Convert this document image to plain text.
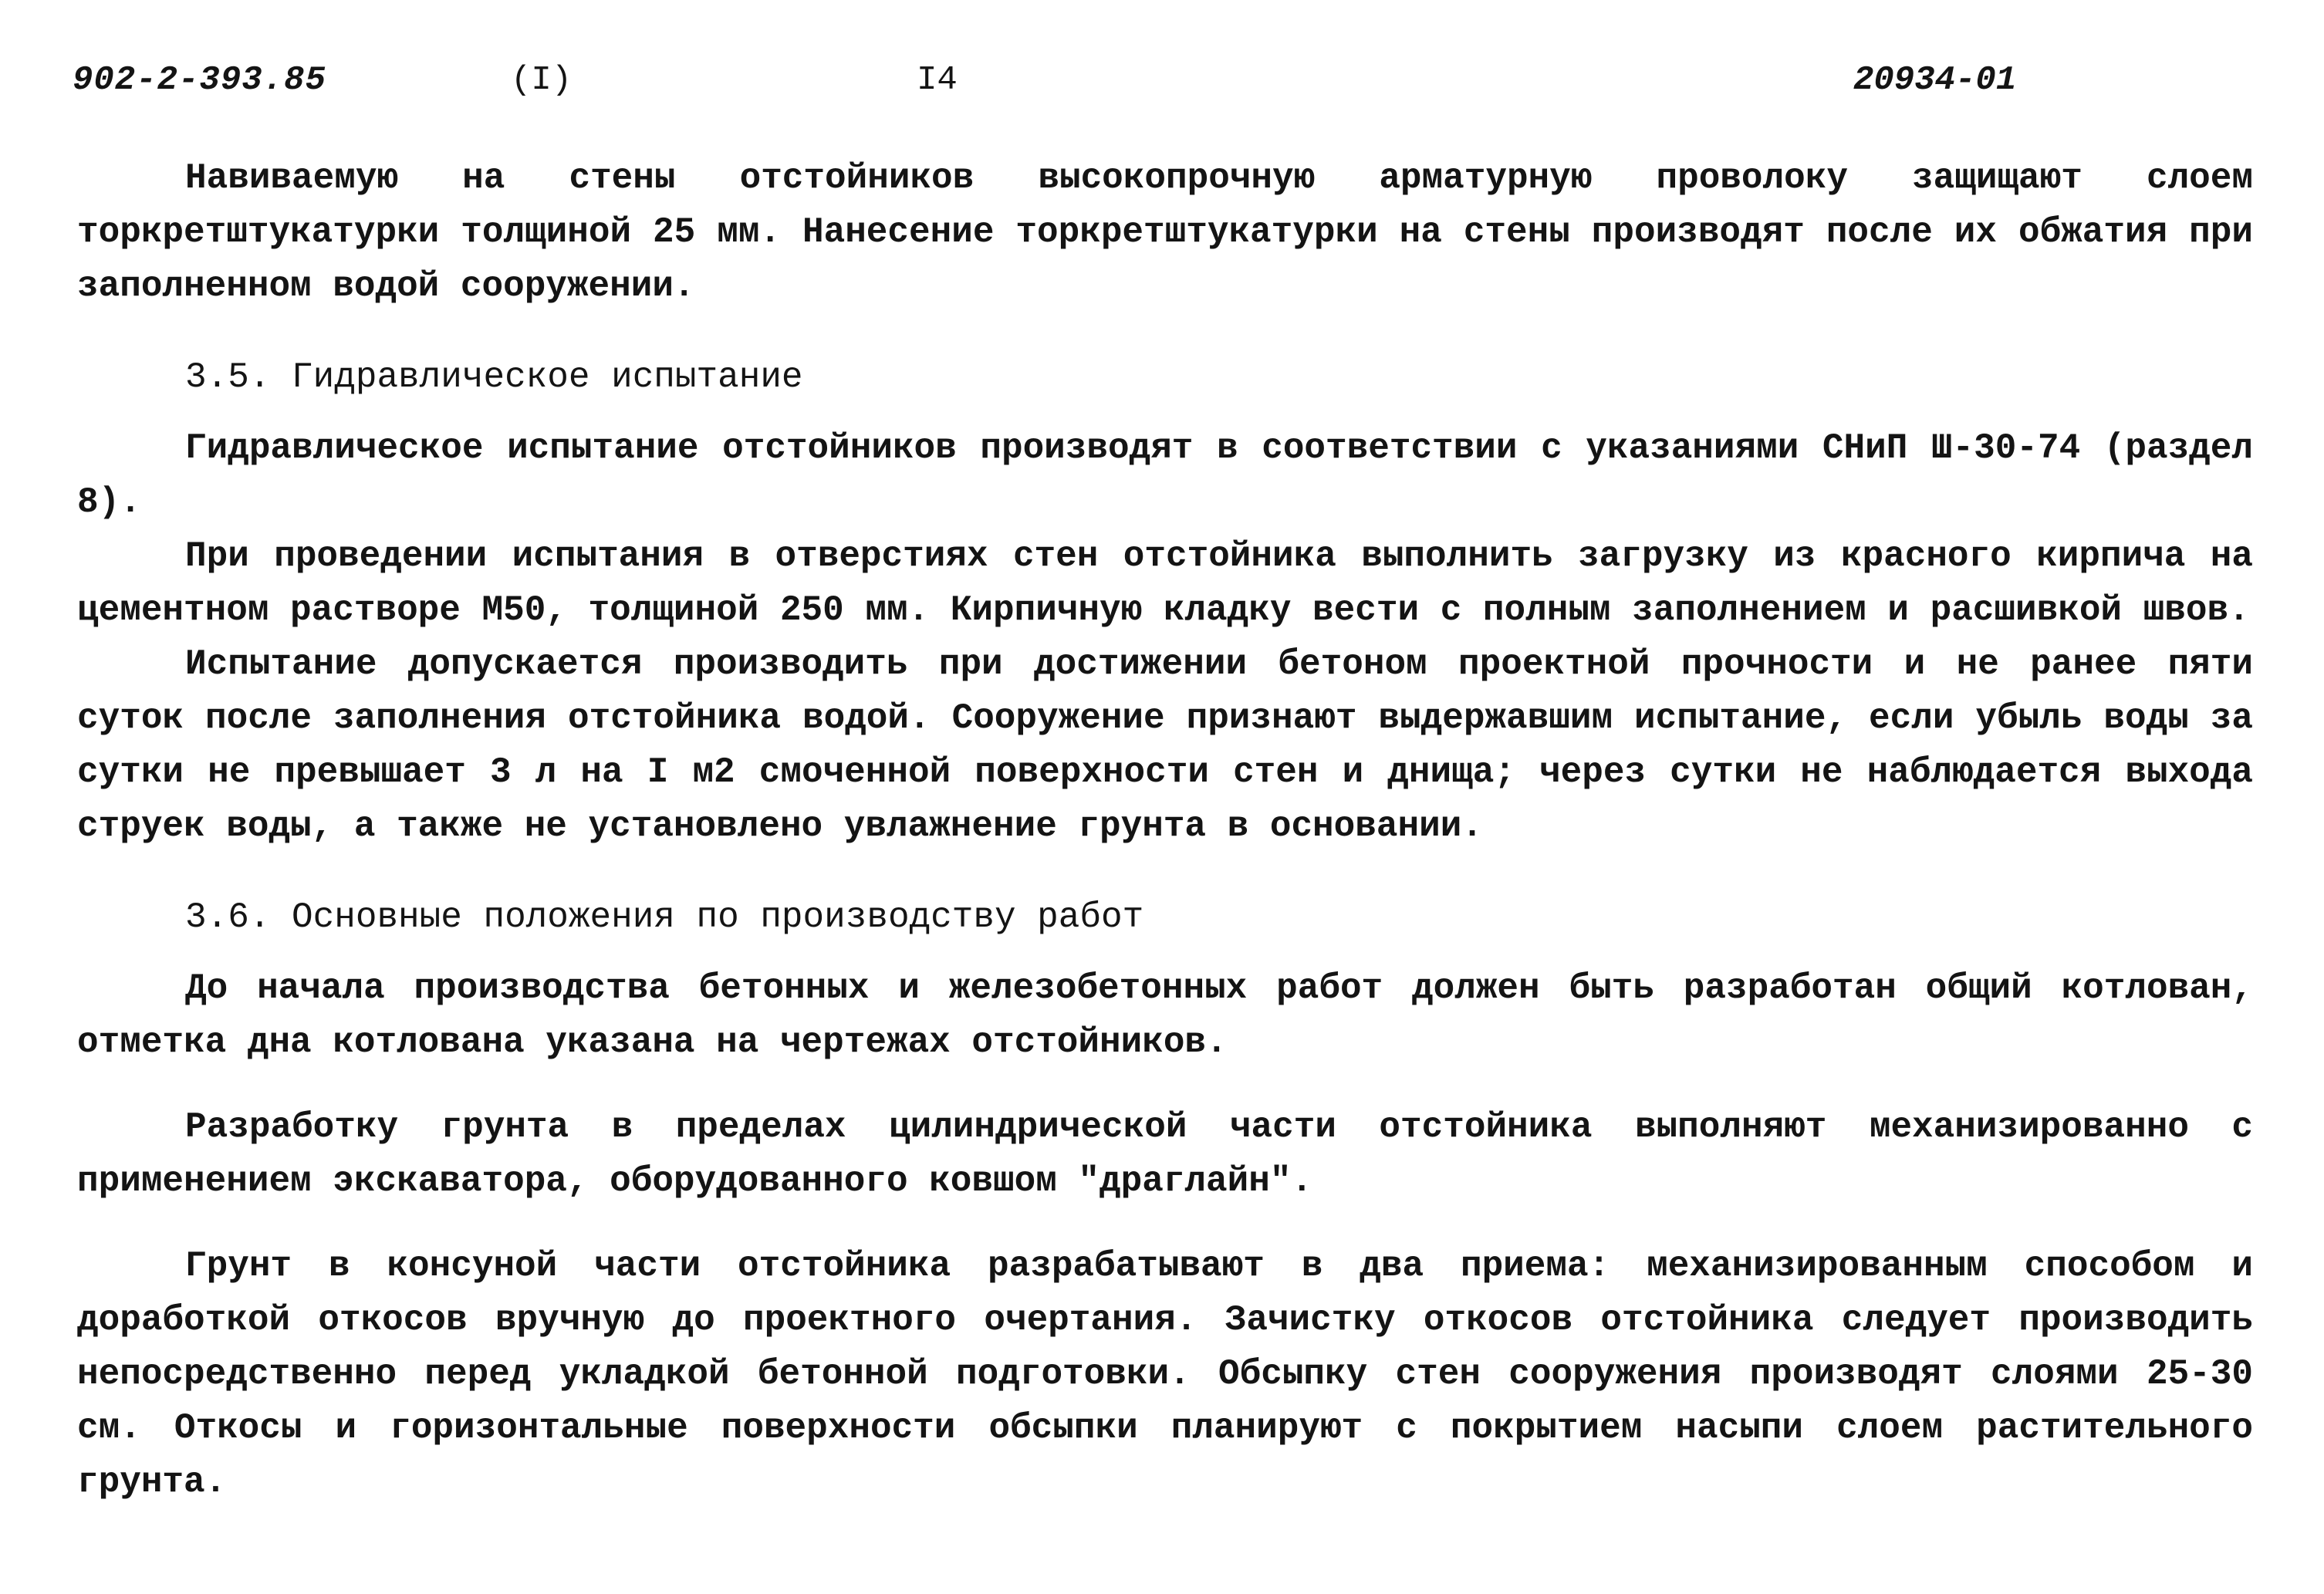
902-2-393.85	(I)	I4	20934-01

Навиваемую на стены отстойников высокопрочную арматурную проволоку защищают слоем торкретштукатурки толщиной 25 мм. Нанесение торкретштукатурки на стены производят после их обжатия при заполненном водой сооружении.

3.5. Гидравлическое испытание

Гидравлическое испытание отстойников производят в соответствии с указаниями СНиП Ш-30-74 (раздел 8).

При проведении испытания в отверстиях стен отстойника выполнить загрузку из красного кирпича на цементном растворе М50, толщиной 250 мм. Кирпичную кладку вести с полным заполнением и расшивкой швов.

Испытание допускается производить при достижении бетоном проектной прочности и не ранее пяти суток после заполнения отстойника водой. Сооружение признают выдержавшим испытание, если убыль воды за сутки не превышает 3 л на I м2 смоченной поверхности стен и днища; через сутки не наблюдается выхода струек воды, а также не установлено увлажнение грунта в основании.

3.6. Основные положения по производству работ

До начала производства бетонных и железобетонных работ должен быть разработан общий котлован, отметка дна котлована указана на чертежах отстойников.

Разработку грунта в пределах цилиндрической части отстойника выполняют механизированно с применением экскаватора, оборудованного ковшом "драглайн".

Грунт в консуной части отстойника разрабатывают в два приема: механизированным способом и доработкой откосов вручную до проектного очертания. Зачистку откосов отстойника следует производить непосредственно перед укладкой бетонной подготовки. Обсыпку стен сооружения производят слоями 25-30 см. Откосы и горизонтальные поверхности обсыпки планируют с покрытием насыпи слоем растительного грунта.
